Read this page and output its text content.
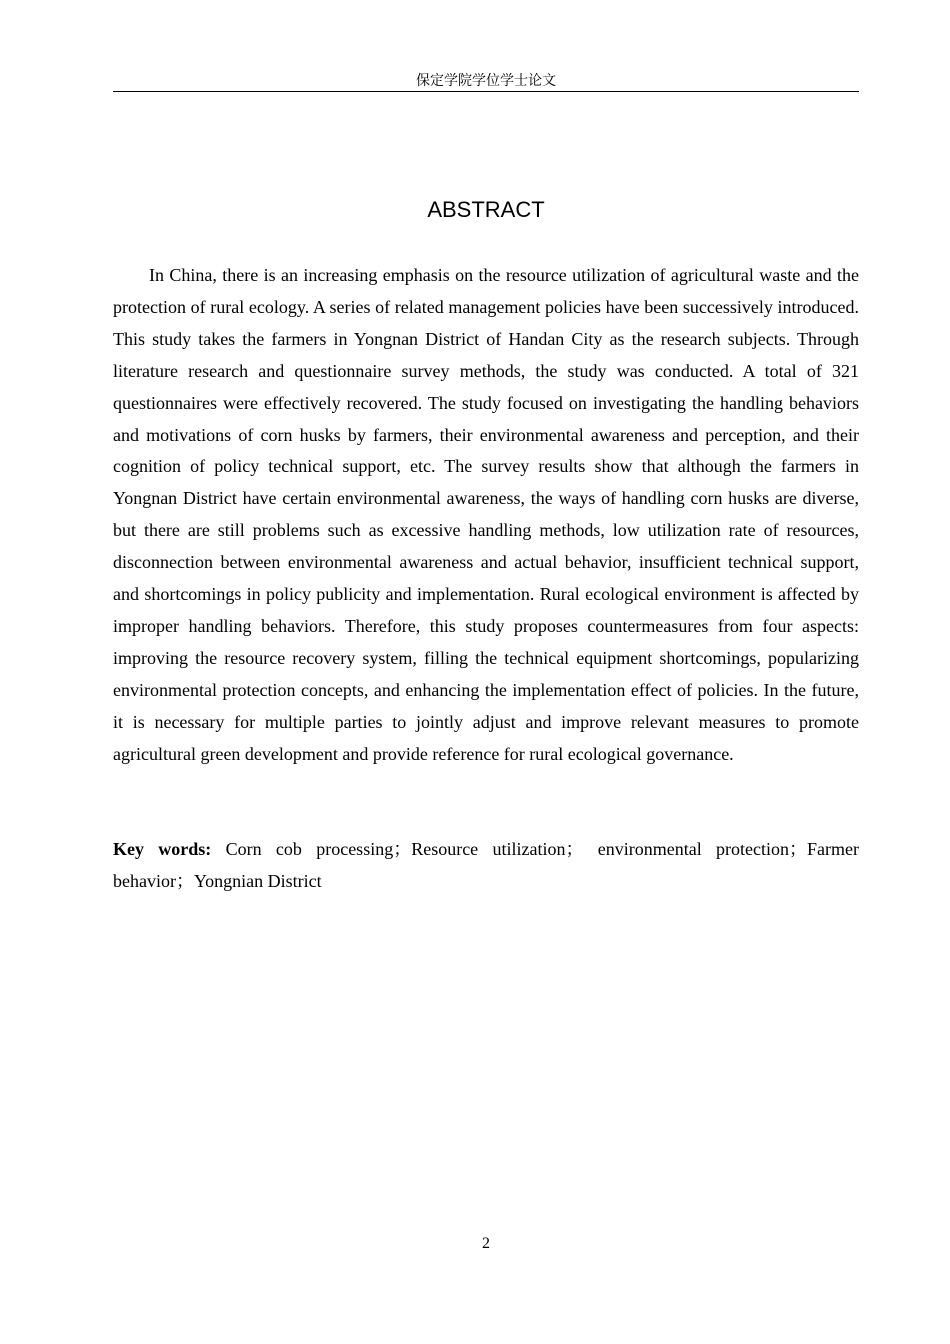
保定学院学位学士论文
ABSTRACT

In China, there is an increasing emphasis on the resource utilization of agricultural waste and the protection of rural ecology. A series of related management policies have been successively introduced. This study takes the farmers in Yongnan District of Handan City as the research subjects. Through literature research and questionnaire survey methods, the study was conducted. A total of 321 questionnaires were effectively recovered. The study focused on investigating the handling behaviors and motivations of corn husks by farmers, their environmental awareness and perception, and their cognition of policy technical support, etc. The survey results show that although the farmers in Yongnan District have certain environmental awareness, the ways of handling corn husks are diverse, but there are still problems such as excessive handling methods, low utilization rate of resources, disconnection between environmental awareness and actual behavior, insufficient technical support, and shortcomings in policy publicity and implementation. Rural ecological environment is affected by improper handling behaviors. Therefore, this study proposes countermeasures from four aspects: improving the resource recovery system, filling the technical equipment shortcomings, popularizing environmental protection concepts, and enhancing the implementation effect of policies. In the future, it is necessary for multiple parties to jointly adjust and improve relevant measures to promote agricultural green development and provide reference for rural ecological governance.

Key words: Corn cob processing；Resource utilization； environmental protection；Farmer behavior；Yongnian District

2
